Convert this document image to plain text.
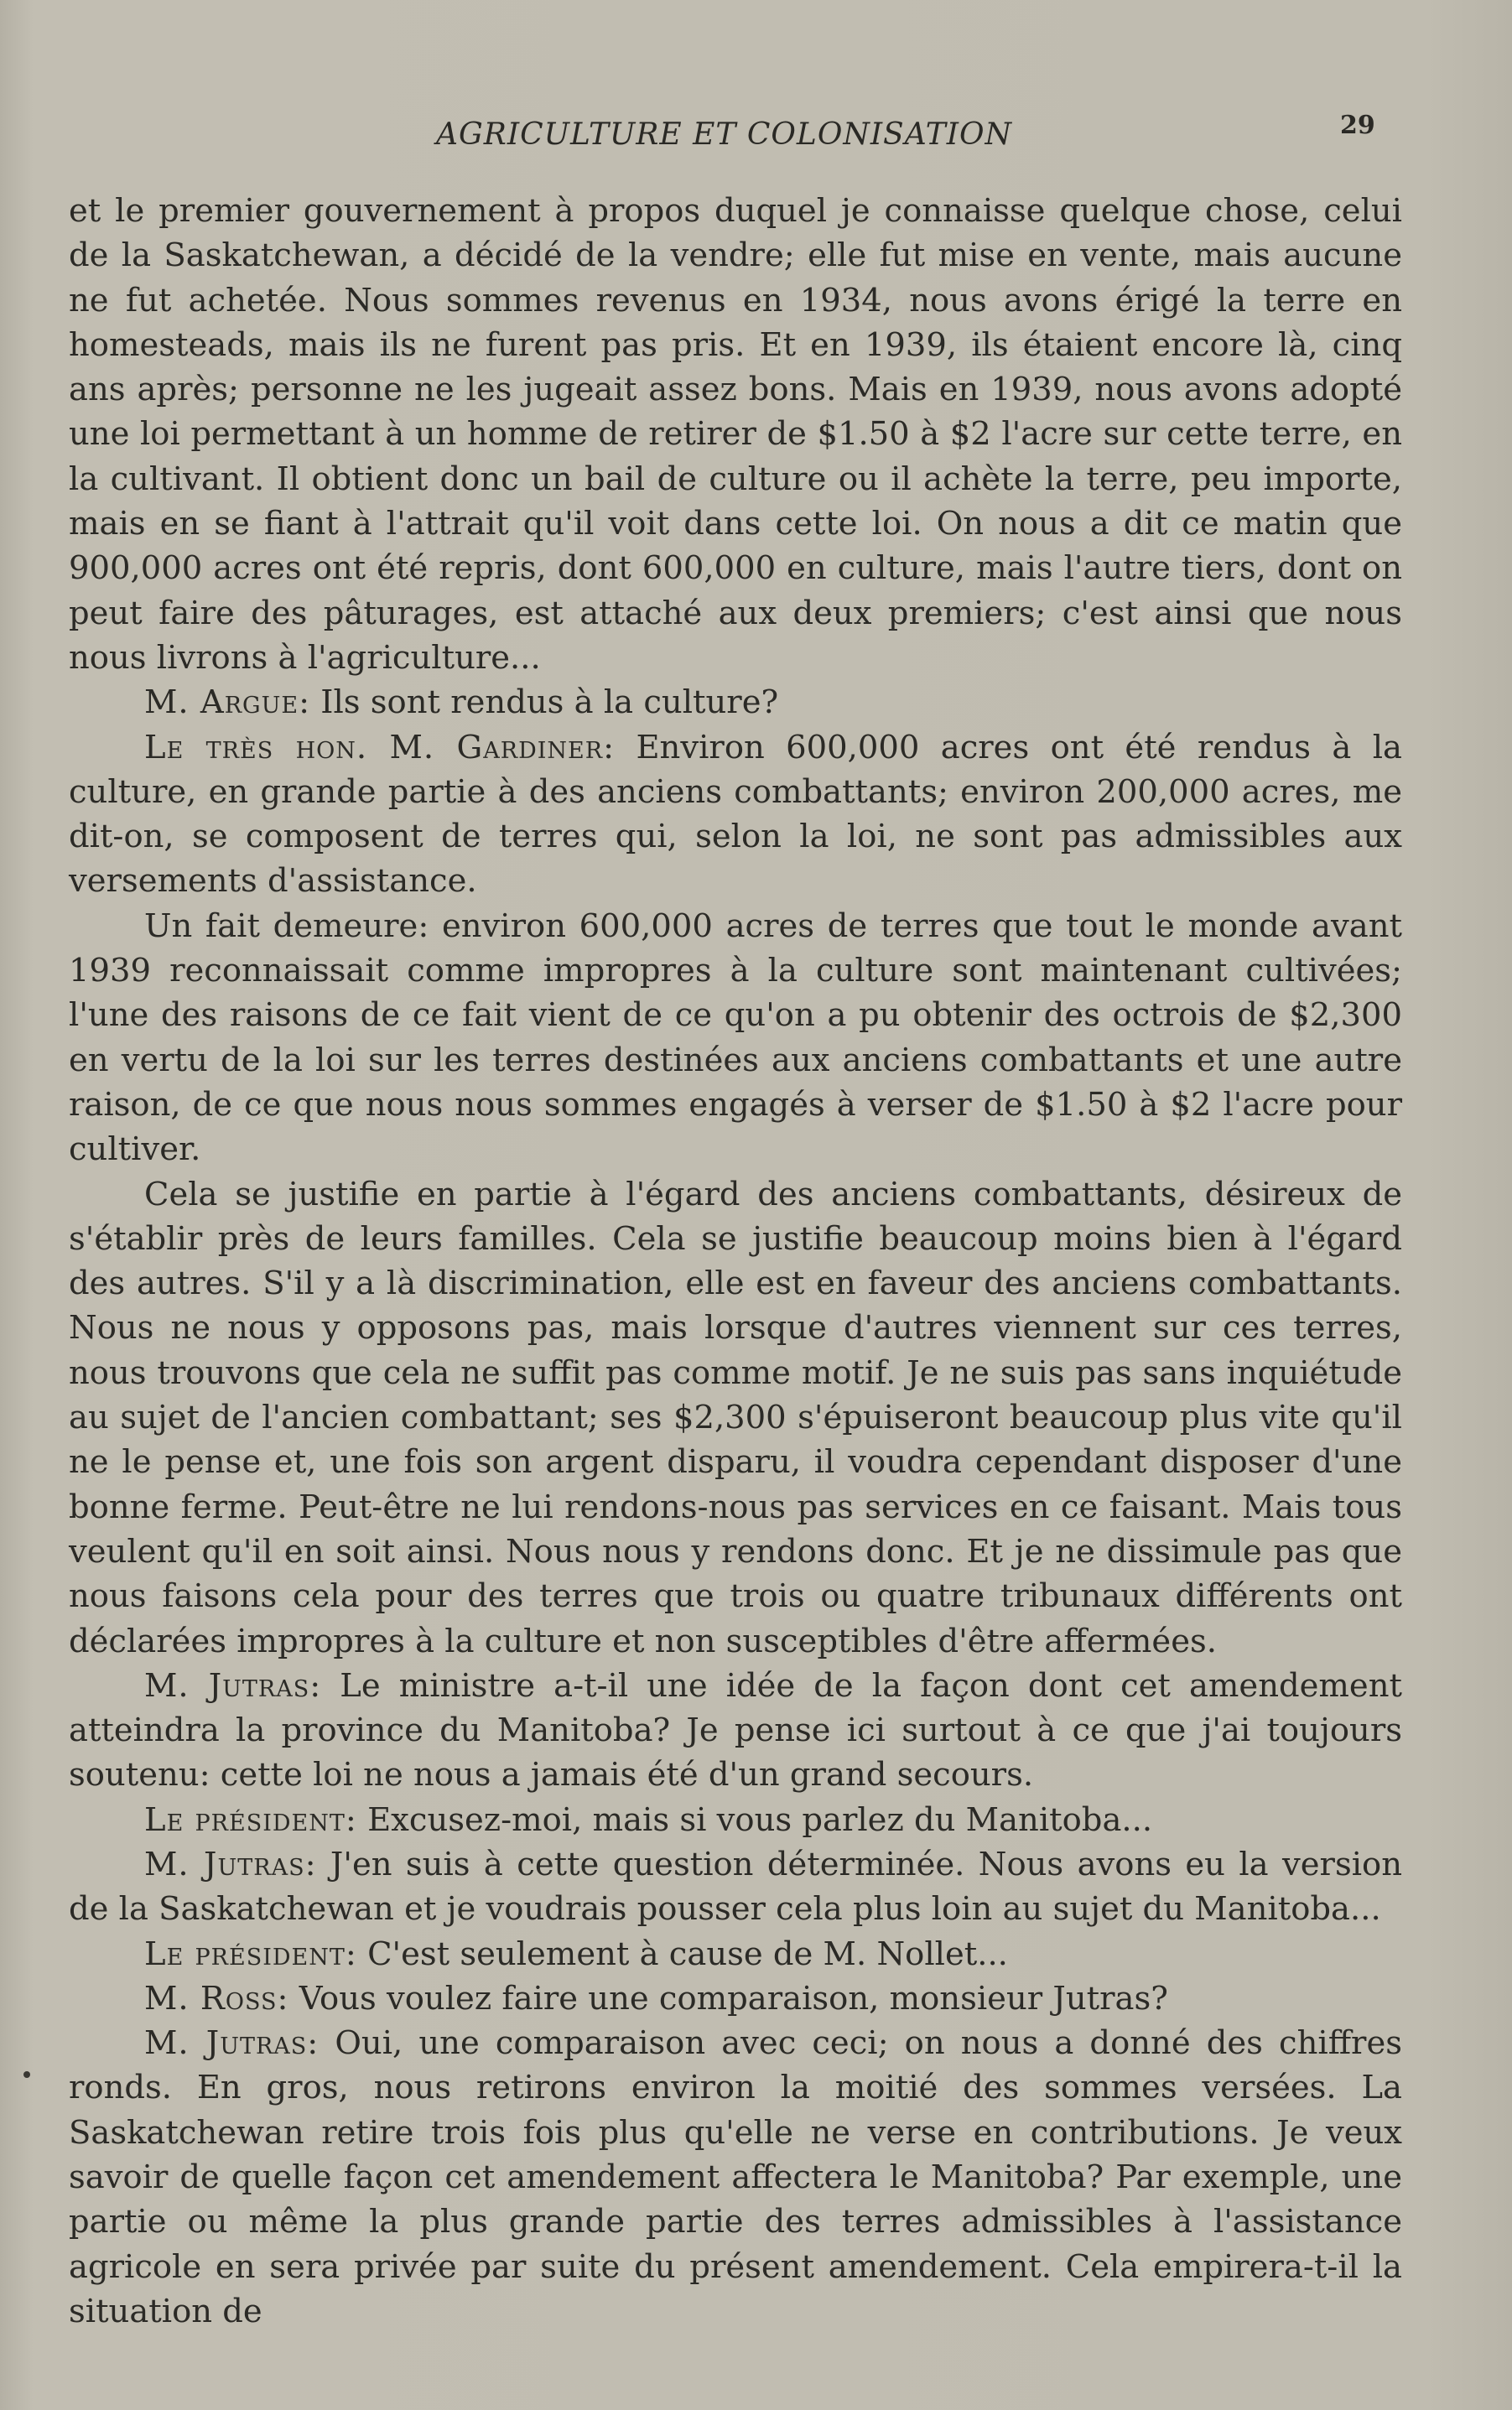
AGRICULTURE ET COLONISATION	29

et le premier gouvernement à propos duquel je connaisse quelque chose, celui de la Saskatchewan, a décidé de la vendre; elle fut mise en vente, mais aucune ne fut achetée. Nous sommes revenus en 1934, nous avons érigé la terre en homesteads, mais ils ne furent pas pris. Et en 1939, ils étaient encore là, cinq ans après; personne ne les jugeait assez bons. Mais en 1939, nous avons adopté une loi permettant à un homme de retirer de $1.50 à $2 l'acre sur cette terre, en la cultivant. Il obtient donc un bail de culture ou il achète la terre, peu importe, mais en se fiant à l'attrait qu'il voit dans cette loi. On nous a dit ce matin que 900,000 acres ont été repris, dont 600,000 en culture, mais l'autre tiers, dont on peut faire des pâturages, est attaché aux deux premiers; c'est ainsi que nous nous livrons à l'agriculture...

M. Argue: Ils sont rendus à la culture?

Le très hon. M. Gardiner: Environ 600,000 acres ont été rendus à la culture, en grande partie à des anciens combattants; environ 200,000 acres, me dit-on, se composent de terres qui, selon la loi, ne sont pas admissibles aux versements d'assistance.

Un fait demeure: environ 600,000 acres de terres que tout le monde avant 1939 reconnaissait comme impropres à la culture sont maintenant cultivées; l'une des raisons de ce fait vient de ce qu'on a pu obtenir des octrois de $2,300 en vertu de la loi sur les terres destinées aux anciens combattants et une autre raison, de ce que nous nous sommes engagés à verser de $1.50 à $2 l'acre pour cultiver.

Cela se justifie en partie à l'égard des anciens combattants, désireux de s'établir près de leurs familles. Cela se justifie beaucoup moins bien à l'égard des autres. S'il y a là discrimination, elle est en faveur des anciens combattants. Nous ne nous y opposons pas, mais lorsque d'autres viennent sur ces terres, nous trouvons que cela ne suffit pas comme motif. Je ne suis pas sans inquiétude au sujet de l'ancien combattant; ses $2,300 s'épuiseront beaucoup plus vite qu'il ne le pense et, une fois son argent disparu, il voudra cependant disposer d'une bonne ferme. Peut-être ne lui rendons-nous pas services en ce faisant. Mais tous veulent qu'il en soit ainsi. Nous nous y rendons donc. Et je ne dissimule pas que nous faisons cela pour des terres que trois ou quatre tribunaux différents ont déclarées impropres à la culture et non susceptibles d'être affermées.

M. Jutras: Le ministre a-t-il une idée de la façon dont cet amendement atteindra la province du Manitoba? Je pense ici surtout à ce que j'ai toujours soutenu: cette loi ne nous a jamais été d'un grand secours.

Le président: Excusez-moi, mais si vous parlez du Manitoba...

M. Jutras: J'en suis à cette question déterminée. Nous avons eu la version de la Saskatchewan et je voudrais pousser cela plus loin au sujet du Manitoba...

Le président: C'est seulement à cause de M. Nollet...

M. Ross: Vous voulez faire une comparaison, monsieur Jutras?

M. Jutras: Oui, une comparaison avec ceci; on nous a donné des chiffres ronds. En gros, nous retirons environ la moitié des sommes versées. La Saskatchewan retire trois fois plus qu'elle ne verse en contributions. Je veux savoir de quelle façon cet amendement affectera le Manitoba? Par exemple, une partie ou même la plus grande partie des terres admissibles à l'assistance agricole en sera privée par suite du présent amendement. Cela empirera-t-il la situation de
